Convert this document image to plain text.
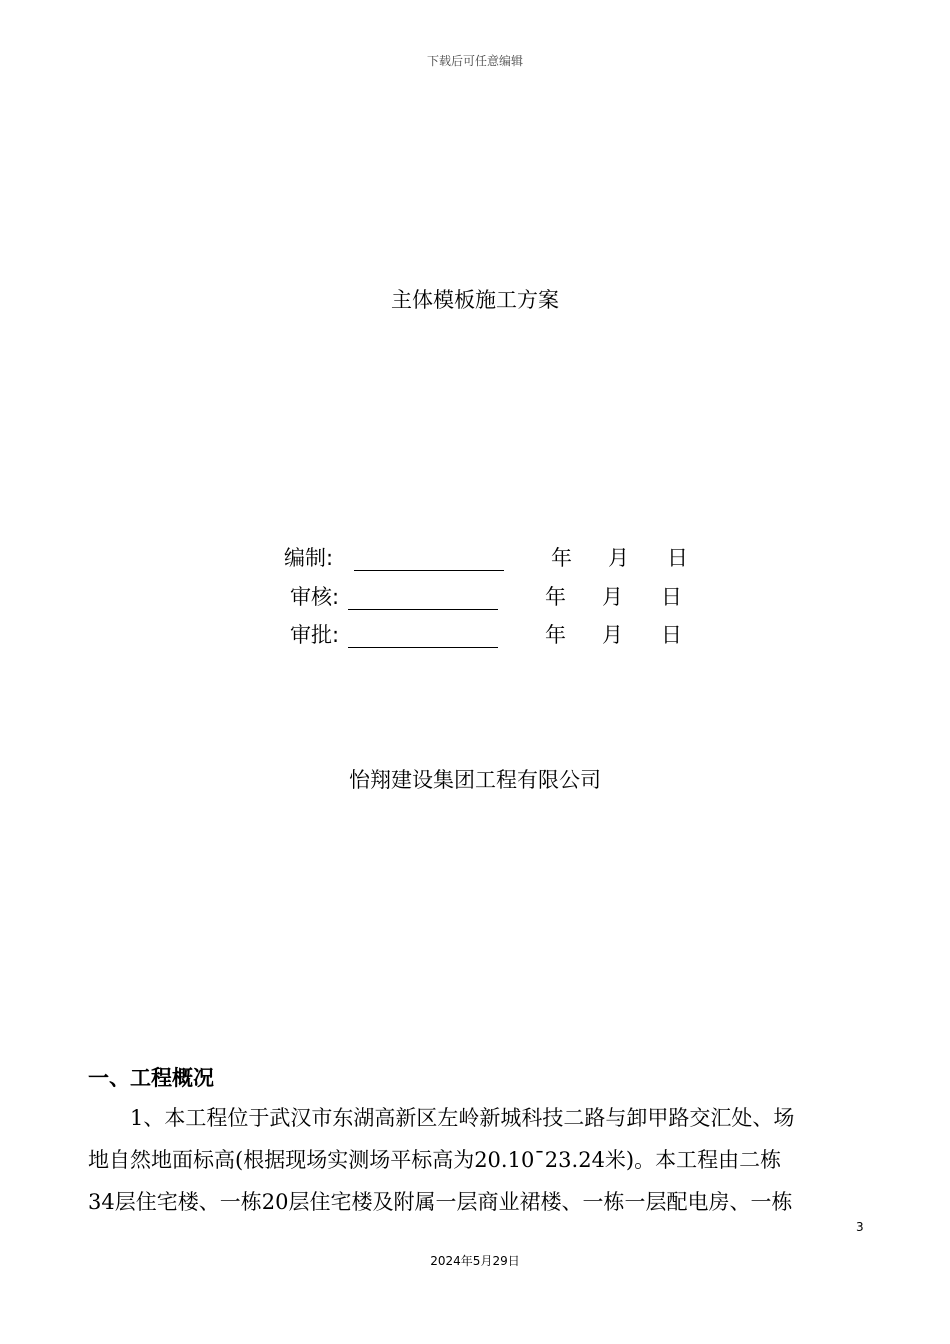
下载后可任意编辑
主体模板施工方案
编制:	年 月 日
审核:	年 月 日
审批:	年 月 日
怡翔建设集团工程有限公司
一、工程概况
　　1、本工程位于武汉市东湖高新区左岭新城科技二路与卸甲路交汇处、场
地自然地面标高(根据现场实测场平标高为20.10¯23.24米)。本工程由二栋
34层住宅楼、一栋20层住宅楼及附属一层商业裙楼、一栋一层配电房、一栋
3
2024年5月29日
